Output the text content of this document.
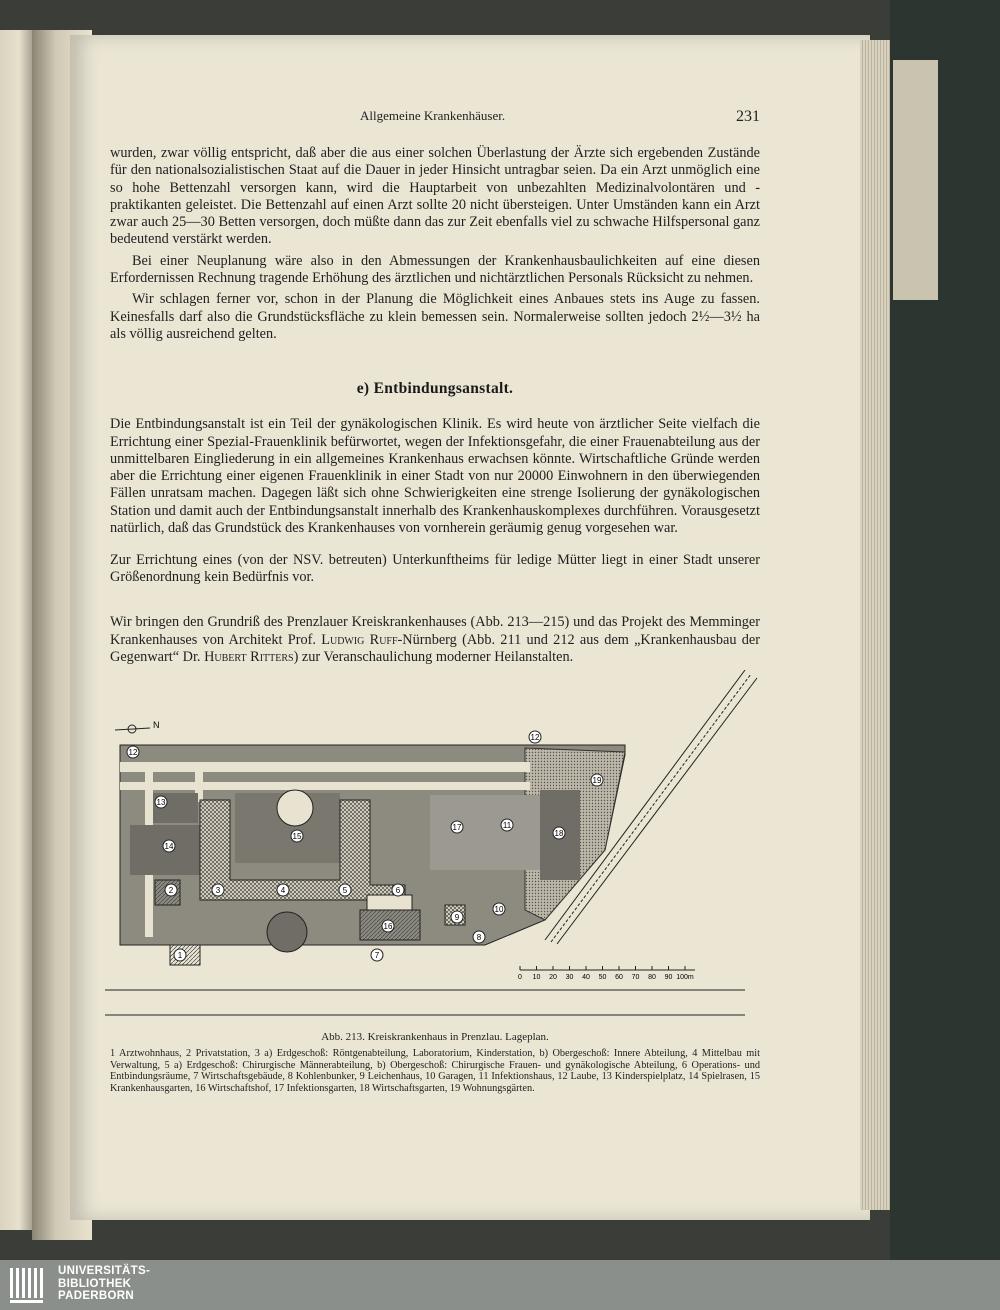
Allgemeine Krankenhäuser.	231

wurden, zwar völlig entspricht, daß aber die aus einer solchen Überlastung der Ärzte sich ergebenden Zustände für den nationalsozialistischen Staat auf die Dauer in jeder Hinsicht untragbar seien. Da ein Arzt unmöglich eine so hohe Bettenzahl versorgen kann, wird die Hauptarbeit von unbezahlten Medizinalvolontären und -praktikanten geleistet. Die Bettenzahl auf einen Arzt sollte 20 nicht übersteigen. Unter Umständen kann ein Arzt zwar auch 25—30 Betten versorgen, doch müßte dann das zur Zeit ebenfalls viel zu schwache Hilfspersonal ganz bedeutend verstärkt werden.

Bei einer Neuplanung wäre also in den Abmessungen der Krankenhausbaulichkeiten auf eine diesen Erfordernissen Rechnung tragende Erhöhung des ärztlichen und nichtärztlichen Personals Rücksicht zu nehmen.

Wir schlagen ferner vor, schon in der Planung die Möglichkeit eines Anbaues stets ins Auge zu fassen. Keinesfalls darf also die Grundstücksfläche zu klein bemessen sein. Normalerweise sollten jedoch 2½—3½ ha als völlig ausreichend gelten.

e) Entbindungsanstalt.

Die Entbindungsanstalt ist ein Teil der gynäkologischen Klinik. Es wird heute von ärztlicher Seite vielfach die Errichtung einer Spezial-Frauenklinik befürwortet, wegen der Infektionsgefahr, die einer Frauenabteilung aus der unmittelbaren Eingliederung in ein allgemeines Krankenhaus erwachsen könnte. Wirtschaftliche Gründe werden aber die Errichtung einer eigenen Frauenklinik in einer Stadt von nur 20000 Einwohnern in den überwiegenden Fällen unratsam machen. Dagegen läßt sich ohne Schwierigkeiten eine strenge Isolierung der gynäkologischen Station und damit auch der Entbindungsanstalt innerhalb des Krankenhauskomplexes durchführen. Vorausgesetzt natürlich, daß das Grundstück des Krankenhauses von vornherein geräumig genug vorgesehen war.

Zur Errichtung eines (von der NSV. betreuten) Unterkunftheims für ledige Mütter liegt in einer Stadt unserer Größenordnung kein Bedürfnis vor.

Wir bringen den Grundriß des Prenzlauer Kreiskrankenhauses (Abb. 213—215) und das Projekt des Memminger Krankenhauses von Architekt Prof. Ludwig Ruff-Nürnberg (Abb. 211 und 212 aus dem „Krankenhausbau der Gegenwart“ Dr. Hubert Ritters) zur Veranschaulichung moderner Heilanstalten.

N
12
12
13
14
15
17	11
18
19
2	3	4	5	6
16
7
9
10
8
1
0 10 20 30 40 50 60 70 80 90 100m
Abb. 213. Kreiskrankenhaus in Prenzlau. Lageplan.
1 Arztwohnhaus, 2 Privatstation, 3 a) Erdgeschoß: Röntgenabteilung, Laboratorium, Kinderstation, b) Obergeschoß: Innere Abteilung, 4 Mittelbau mit Verwaltung, 5 a) Erdgeschoß: Chirurgische Männerabteilung, b) Obergeschoß: Chirurgische Frauen- und gynäkologische Abteilung, 6 Operations- und Entbindungsräume, 7 Wirtschaftsgebäude, 8 Kohlenbunker, 9 Leichenhaus, 10 Garagen, 11 Infektionshaus, 12 Laube, 13 Kinderspielplatz, 14 Spielrasen, 15 Krankenhausgarten, 16 Wirtschaftshof, 17 Infektionsgarten, 18 Wirtschaftsgarten, 19 Wohnungsgärten.
UNIVERSITÄTS-
BIBLIOTHEK
PADERBORN
